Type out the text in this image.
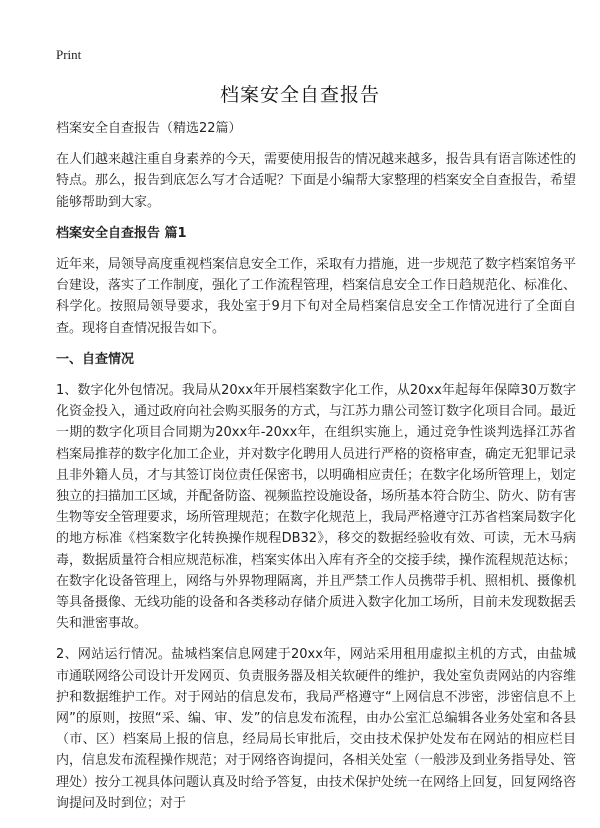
Print
档案安全自查报告

档案安全自查报告（精选22篇）

在人们越来越注重自身素养的今天，需要使用报告的情况越来越多，报告具有语言陈述性的特点。那么，报告到底怎么写才合适呢？下面是小编帮大家整理的档案安全自查报告，希望能够帮助到大家。

档案安全自查报告 篇1

近年来，局领导高度重视档案信息安全工作，采取有力措施，进一步规范了数字档案馆务平台建设，落实了工作制度，强化了工作流程管理，档案信息安全工作日趋规范化、标准化、科学化。按照局领导要求，我处室于9月下旬对全局档案信息安全工作情况进行了全面自查。现将自查情况报告如下。

一、自查情况

1、数字化外包情况。我局从20xx年开展档案数字化工作，从20xx年起每年保障30万数字化资金投入，通过政府向社会购买服务的方式，与江苏力鼎公司签订数字化项目合同。最近一期的数字化项目合同期为20xx年-20xx年，在组织实施上，通过竞争性谈判选择江苏省档案局推荐的数字化加工企业，并对数字化聘用人员进行严格的资格审查，确定无犯罪记录且非外籍人员，才与其签订岗位责任保密书，以明确相应责任；在数字化场所管理上，划定独立的扫描加工区域，并配备防盗、视频监控设施设备，场所基本符合防尘、防火、防有害生物等安全管理要求，场所管理规范；在数字化规范上，我局严格遵守江苏省档案局数字化的地方标准《档案数字化转换操作规程DB32》，移交的数据经验收有效、可读，无木马病毒，数据质量符合相应规范标准，档案实体出入库有齐全的交接手续，操作流程规范达标；在数字化设备管理上，网络与外界物理隔离，并且严禁工作人员携带手机、照相机、摄像机等具备摄像、无线功能的设备和各类移动存储介质进入数字化加工场所，目前未发现数据丢失和泄密事故。

2、网站运行情况。盐城档案信息网建于20xx年，网站采用租用虚拟主机的方式，由盐城市通联网络公司设计开发网页、负责服务器及相关软硬件的维护，我处室负责网站的内容维护和数据维护工作。对于网站的信息发布，我局严格遵守“上网信息不涉密，涉密信息不上网”的原则，按照“采、编、审、发”的信息发布流程，由办公室汇总编辑各业务处室和各县（市、区）档案局上报的信息，经局局长审批后，交由技术保护处发布在网站的相应栏目内，信息发布流程操作规范；对于网络咨询提问，各相关处室（一般涉及到业务指导处、管理处）按分工视具体问题认真及时给予答复，由技术保护处统一在网络上回复，回复网络咨询提问及时到位；对于
